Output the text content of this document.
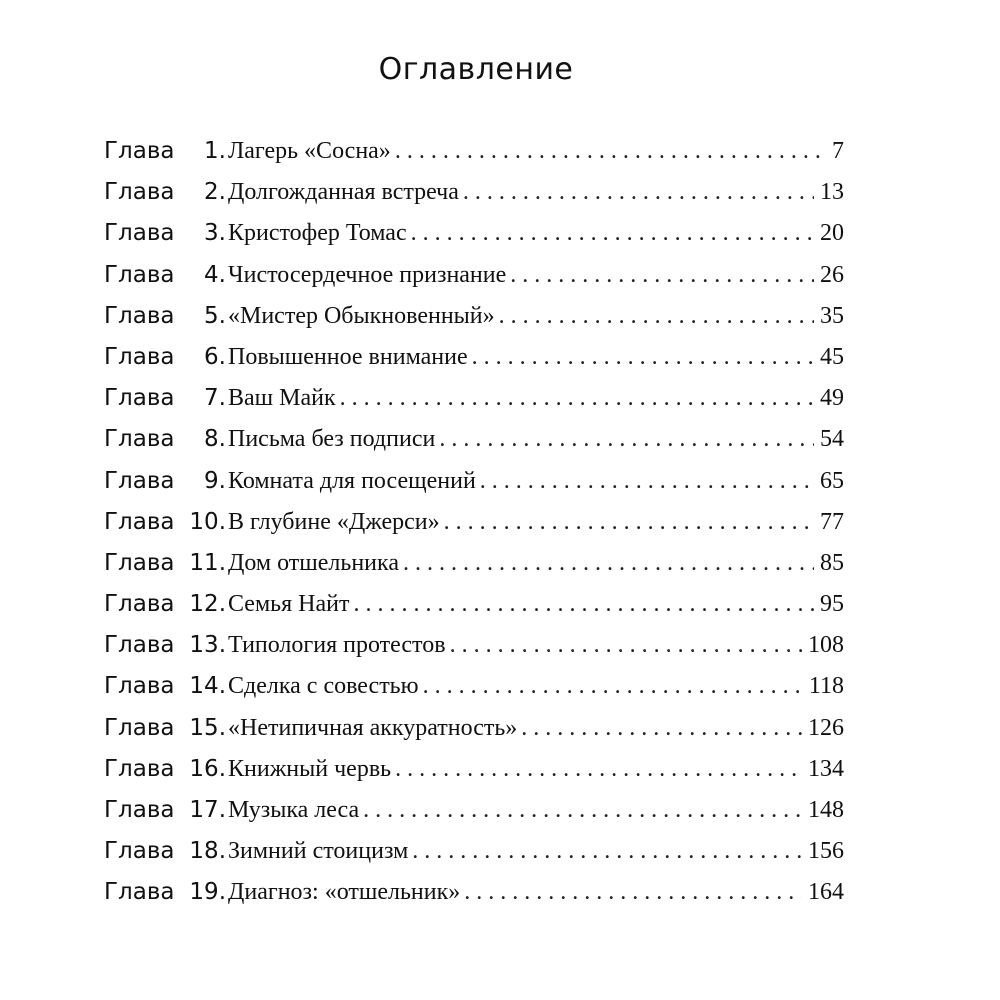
Оглавление
Глава	1. Лагерь «Сосна» . . .	7
Глава	2. Долгожданная встреча . . .	13
Глава	3. Кристофер Томас . . .	20
Глава	4. Чистосердечное признание . . .	26
Глава	5. «Мистер Обыкновенный» . . .	35
Глава	6. Повышенное внимание . . .	45
Глава	7. Ваш Майк . . .	49
Глава	8. Письма без подписи . . .	54
Глава	9. Комната для посещений . . .	65
Глава 10. В глубине «Джерси» . . .	77
Глава 11. Дом отшельника . . .	85
Глава 12. Семья Найт . . .	95
Глава 13. Типология протестов . . .	108
Глава 14. Сделка с совестью . . .	118
Глава 15. «Нетипичная аккуратность» . . .	126
Глава 16. Книжный червь . . .	134
Глава 17. Музыка леса . . .	148
Глава 18. Зимний стоицизм . . .	156
Глава 19. Диагноз: «отшельник» . . .	164
